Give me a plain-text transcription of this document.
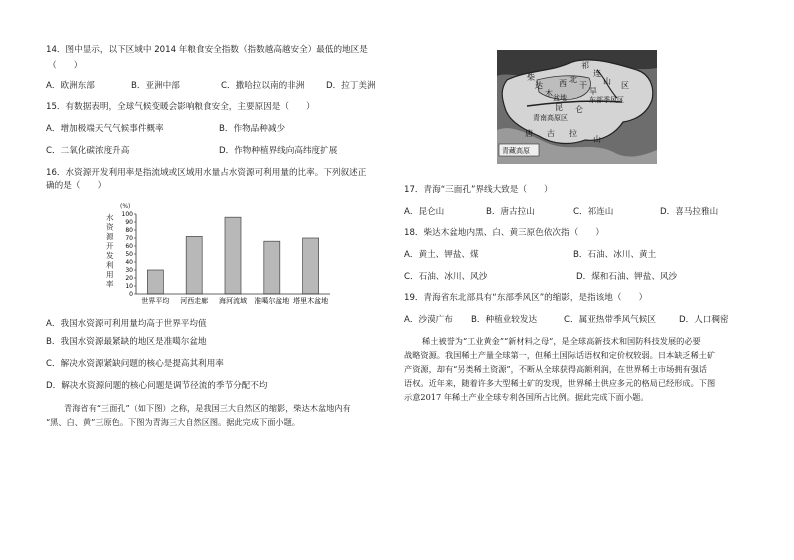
14．图中显示，以下区域中 2014 年粮食安全指数（指数越高越安全）最低的地区是
（　　）
A．欧洲东部	B．亚洲中部	C．撒哈拉以南的非洲	D．拉丁美洲
15．有数据表明，全球气候变暖会影响粮食安全，主要原因是（　　）
A．增加极端天气气候事件概率	B．作物品种减少
C．二氧化碳浓度升高	D．作物种植界线向高纬度扩展
16．水资源开发利用率是指流域或区域用水量占水资源可利用量的比率。下列叙述正
确的是（　　）
(%)
水
资
源
开
发
利
用
率
0
10
20
30
40
50
60
70
80
90
100
世界平均 河西走廊 海河流域 准噶尔盆地 塔里木盆地
A．我国水资源可利用量均高于世界平均值
B．我国水资源最紧缺的地区是准噶尔盆地
C．解决水资源紧缺问题的核心是提高其利用率
D．解决水资源问题的核心问题是调节径流的季节分配不均
青海省有“三面孔”（如下图）之称，是我国三大自然区的缩影，柴达木盆地内有
“黑、白、黄”三原色。下图为青海三大自然区图。据此完成下面小题。
祁
连
山
柴
达
木
西 北
干
旱
区
东部季风区
昆 仑
青南高原区
唐 古 拉
山
盆地
青藏高原
17．青海“三面孔”界线大致是（　　）
A．昆仑山	B．唐古拉山	C．祁连山	D．喜马拉雅山
18．柴达木盆地内黑、白、黄三原色依次指（　　）
A．黄土、钾盐、煤	B．石油、冰川、黄土
C．石油、冰川、风沙	D．煤和石油、钾盐、风沙
19．青海省东北部具有“东部季风区”的缩影，是指该地（　　）
A．沙漠广布 B．种植业较发达	C．属亚热带季风气候区	D．人口稠密
稀土被誉为“工业黄金”“新材料之母”，是全球高新技术和国防科技发展的必要
战略资源。我国稀土产量全球第一，但稀土国际话语权和定价权较弱。日本缺乏稀土矿
产资源，却有“另类稀土资源”，不断从全球获得高额利润，在世界稀土市场拥有强话
语权。近年来，随着许多大型稀土矿的发现，世界稀土供应多元的格局已经形成。下图
示意2017 年稀土产业全球专利各国所占比例。据此完成下面小题。
